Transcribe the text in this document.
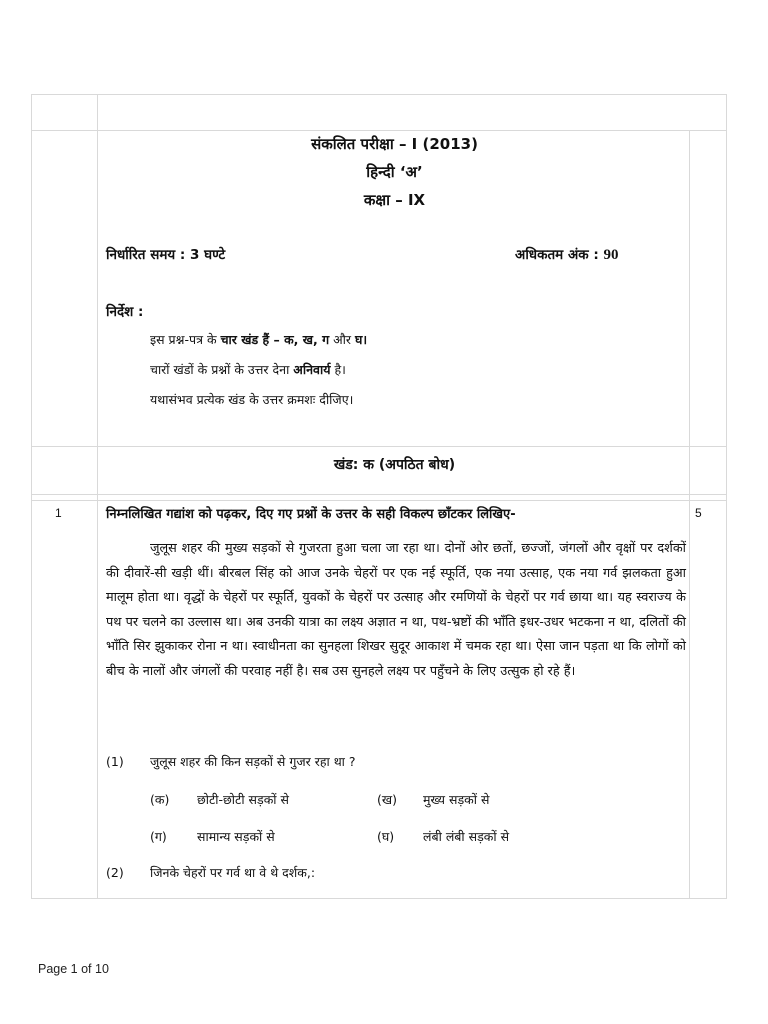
संकलित परीक्षा – I (2013)
हिन्दी ‘अ’
कक्षा – IX
निर्धारित समय : 3 घण्टे	अधिकतम अंक : 90
निर्देश :
इस प्रश्न-पत्र के चार खंड हैं – क, ख, ग और घ।
चारों खंडों के प्रश्नों के उत्तर देना अनिवार्य है।
यथासंभव प्रत्येक खंड के उत्तर क्रमशः दीजिए।
खंड: क (अपठित बोध)
1	5
निम्नलिखित गद्यांश को पढ़कर, दिए गए प्रश्नों के उत्तर के सही विकल्प छाँटकर लिखिए-
जुलूस शहर की मुख्य सड़कों से गुजरता हुआ चला जा रहा था। दोनों ओर छतों, छज्जों, जंगलों और वृक्षों पर दर्शकों की दीवारें-सी खड़ी थीं। बीरबल सिंह को आज उनके चेहरों पर एक नई स्फूर्ति, एक नया उत्साह, एक नया गर्व झलकता हुआ मालूम होता था। वृद्धों के चेहरों पर स्फूर्ति, युवकों के चेहरों पर उत्साह और रमणियों के चेहरों पर गर्व छाया था। यह स्वराज्य के पथ पर चलने का उल्लास था। अब उनकी यात्रा का लक्ष्य अज्ञात न था, पथ-भ्रष्टों की भाँति इधर-उधर भटकना न था, दलितों की भाँति सिर झुकाकर रोना न था। स्वाधीनता का सुनहला शिखर सुदूर आकाश में चमक रहा था। ऐसा जान पड़ता था कि लोगों को बीच के नालों और जंगलों की परवाह नहीं है। सब उस सुनहले लक्ष्य पर पहुँचने के लिए उत्सुक हो रहे हैं।
(1) जुलूस शहर की किन सड़कों से गुजर रहा था ?
(क) छोटी-छोटी सड़कों से	(ख) मुख्य सड़कों से
(ग) सामान्य सड़कों से	(घ) लंबी लंबी सड़कों से
(2) जिनके चेहरों पर गर्व था वे थे दर्शक,:
Page 1 of 10
